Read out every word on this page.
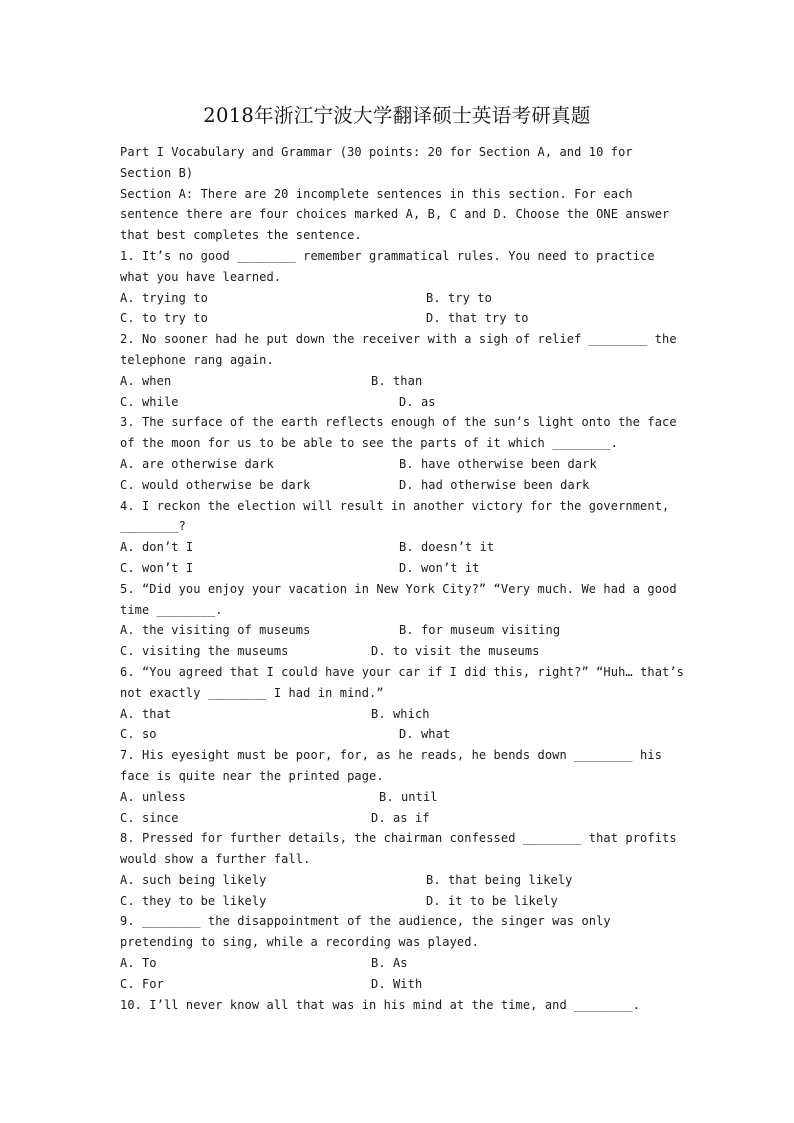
2018年浙江宁波大学翻译硕士英语考研真题

Part I Vocabulary and Grammar (30 points: 20 for Section A, and 10 for Section B)

Section A: There are 20 incomplete sentences in this section. For each sentence there are four choices marked A, B, C and D. Choose the ONE answer that best completes the sentence.

1. It’s no good ________ remember grammatical rules. You need to practice what you have learned.

A. trying to	B. try to
C. to try to	D. that try to

2. No sooner had he put down the receiver with a sigh of relief ________ the telephone rang again.

A. when	B. than
C. while	D. as

3. The surface of the earth reflects enough of the sun’s light onto the face of the moon for us to be able to see the parts of it which ________.

A. are otherwise dark	B. have otherwise been dark
C. would otherwise be dark	D. had otherwise been dark

4. I reckon the election will result in another victory for the government, ________?

A. don’t I	B. doesn’t it
C. won’t I	D. won’t it

5. “Did you enjoy your vacation in New York City?” “Very much. We had a good time ________.

A. the visiting of museums	B. for museum visiting
C. visiting the museums	D. to visit the museums

6. “You agreed that I could have your car if I did this, right?” “Huh… that’s not exactly ________ I had in mind.”

A. that	B. which
C. so	D. what

7. His eyesight must be poor, for, as he reads, he bends down ________ his face is quite near the printed page.

A. unless	B. until
C. since	D. as if

8. Pressed for further details, the chairman confessed ________ that profits would show a further fall.

A. such being likely	B. that being likely
C. they to be likely	D. it to be likely

9. ________ the disappointment of the audience, the singer was only pretending to sing, while a recording was played.

A. To	B. As
C. For	D. With

10. I’ll never know all that was in his mind at the time, and ________.
